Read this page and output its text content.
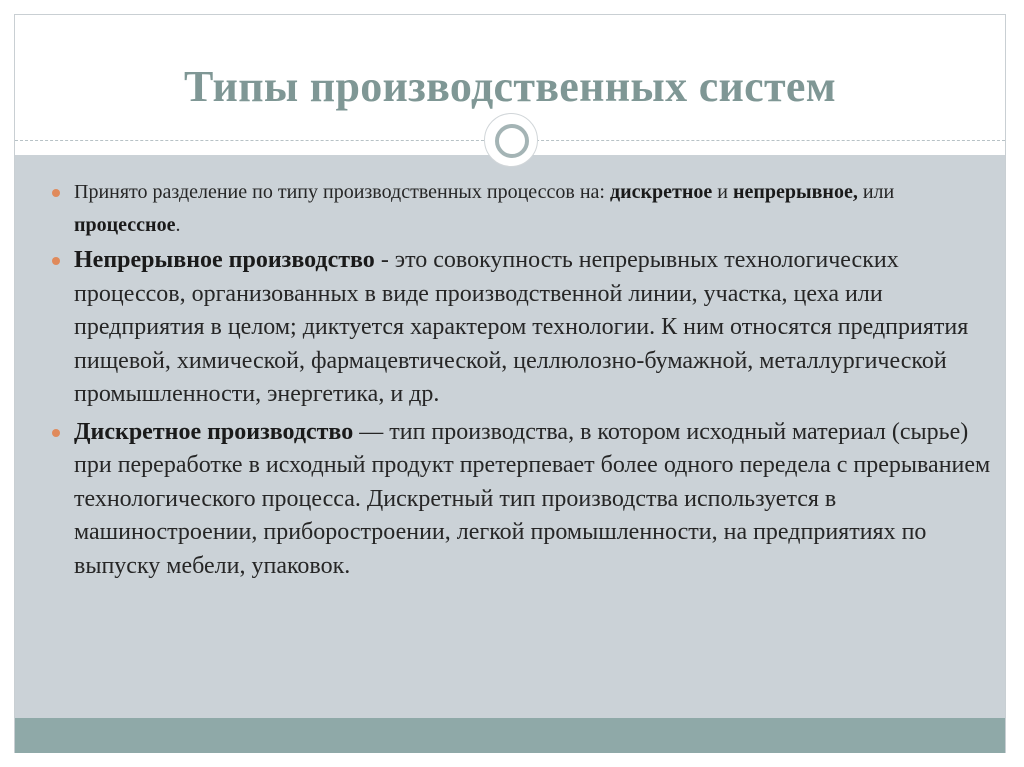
Типы производственных систем
Принято разделение по типу производственных процессов на: дискретное и непрерывное, или процессное.
Непрерывное производство - это совокупность непрерывных технологических процессов, организованных в виде производственной линии, участка, цеха или предприятия в целом; диктуется характером технологии. К ним относятся предприятия пищевой, химической, фармацевтической, целлюлозно-бумажной, металлургической промышленности, энергетика, и др.
Дискретное производство — тип производства, в котором исходный материал (сырье) при переработке в исходный продукт претерпевает более одного передела с прерыванием технологического процесса. Дискретный тип производства используется в машиностроении, приборостроении, легкой промышленности, на предприятиях по выпуску мебели, упаковок.
